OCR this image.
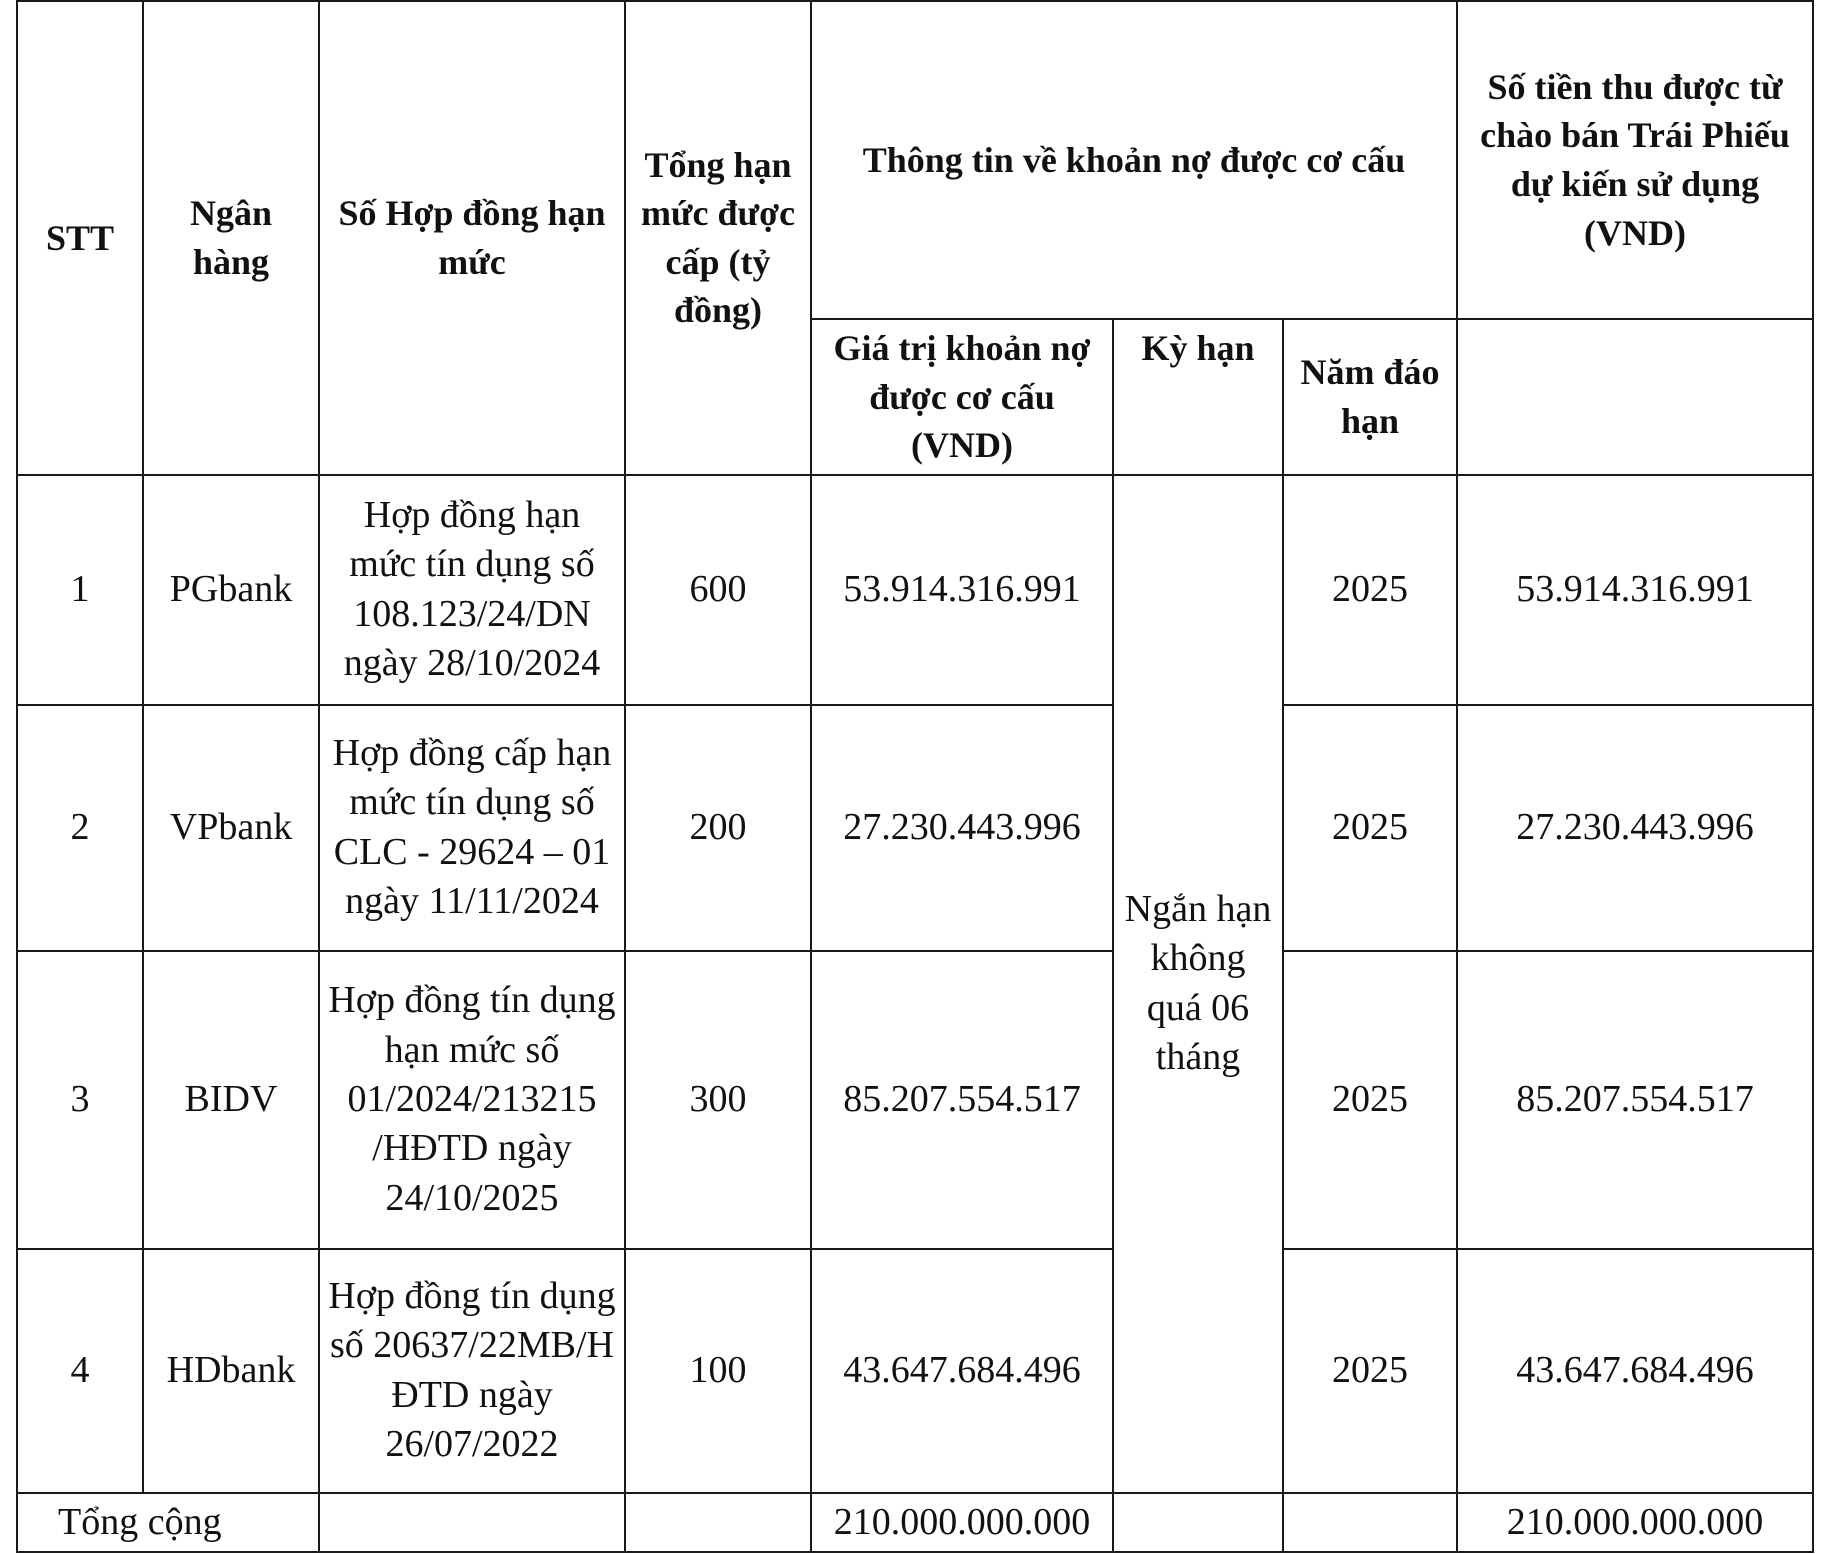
STT	Ngân hàng	Số Hợp đồng hạn mức	Tổng hạn mức được cấp (tỷ đồng)	Thông tin về khoản nợ được cơ cấu			Số tiền thu được từ chào bán Trái Phiếu dự kiến sử dụng (VND)
				Giá trị khoản nợ được cơ cấu (VND)	Kỳ hạn	Năm đáo hạn	
1	PGbank	Hợp đồng hạn mức tín dụng số 108.123/24/DN ngày 28/10/2024	600	53.914.316.991	Ngắn hạn không quá 06 tháng	2025	53.914.316.991
2	VPbank	Hợp đồng cấp hạn mức tín dụng số CLC - 29624 – 01 ngày 11/11/2024	200	27.230.443.996		2025	27.230.443.996
3	BIDV	Hợp đồng tín dụng hạn mức số 01/2024/213215 /HĐTD ngày 24/10/2025	300	85.207.554.517		2025	85.207.554.517
4	HDbank	Hợp đồng tín dụng số 20637/22MB/H ĐTD ngày 26/07/2022	100	43.647.684.496		2025	43.647.684.496
Tổng cộng				210.000.000.000			210.000.000.000
